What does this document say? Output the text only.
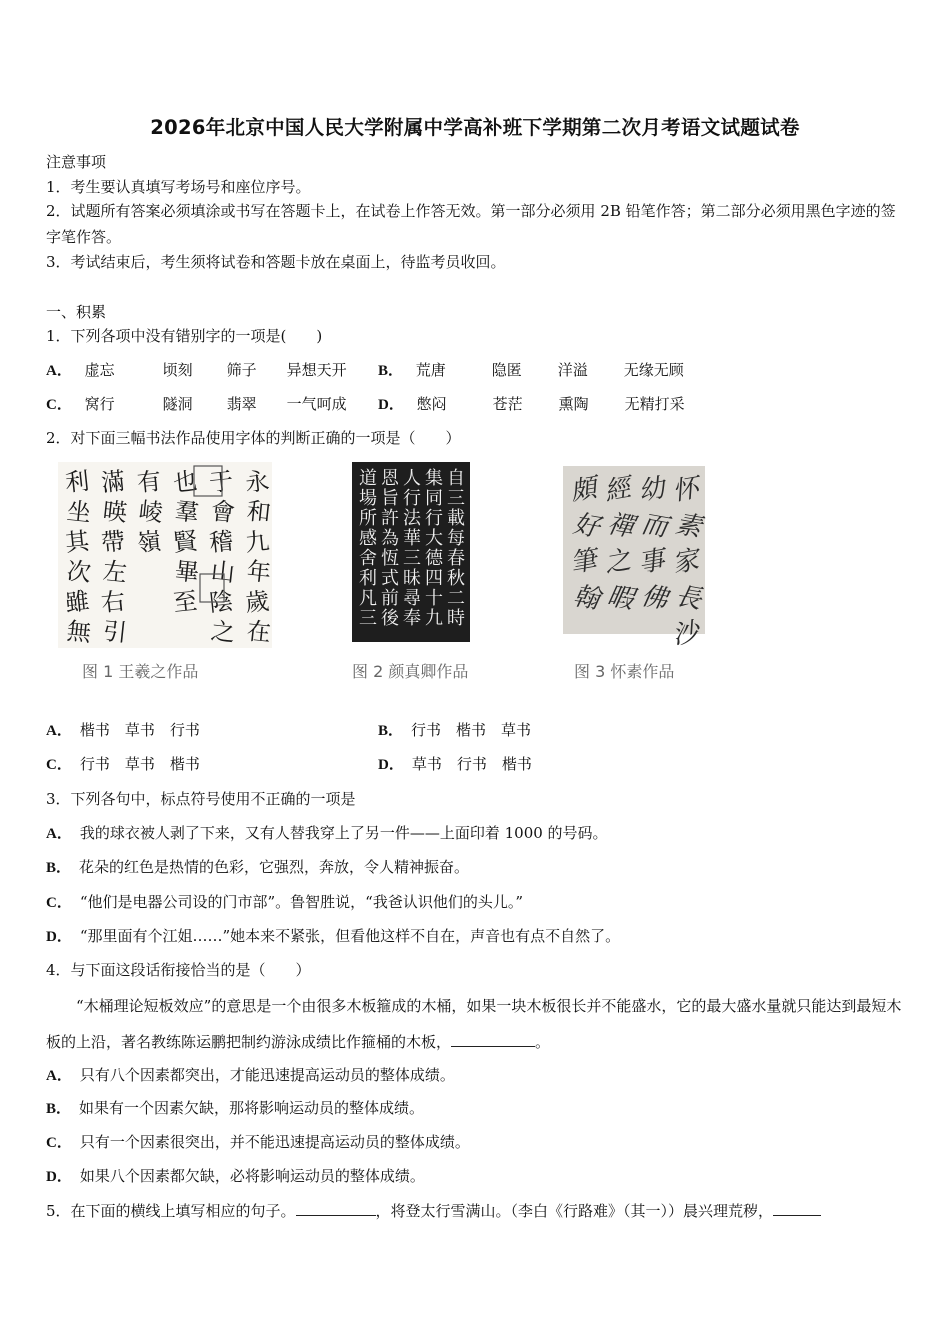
2026年北京中国人民大学附属中学高补班下学期第二次月考语文试题试卷
注意事项
1．考生要认真填写考场号和座位序号。
2．试题所有答案必须填涂或书写在答题卡上，在试卷上作答无效。第一部分必须用 2B 铅笔作答；第二部分必须用黑色字迹的签字笔作答。
3．考试结束后，考生须将试卷和答题卡放在桌面上，待监考员收回。
一、积累
1．下列各项中没有错别字的一项是(　　)
A． 虚忘	顷刻 筛子 异想天开 B． 荒唐	隐匿 洋溢 无缘无顾
C． 窝行	隧洞 翡翠 一气呵成 D． 憋闷	苍茫 熏陶 无精打采
2．对下面三幅书法作品使用字体的判断正确的一项是（　　）
永
和
九
年
歲
在
于
會
稽
山
陰
之
也
羣
賢
畢
至
有
崚
嶺
滿
暎
帶
左
右
引
利
坐
其
次
雖
無
图 1 王羲之作品
自
三
載
每
春
秋
二
時
集
同
行
大
德
四
十
九
人
行
法
華
三
昧
尋
奉
恩
旨
許
為
恆
式
前
後
道
場
所
感
舍
利
凡
三
图 2 颜真卿作品
怀
素
家
長
沙
幼
而
事
佛
經
禪
之
暇
頗
好
筆
翰
图 3 怀素作品
A． 楷书　草书　行书	B． 行书　楷书　草书
C． 行书　草书　楷书	D． 草书　行书　楷书
3．下列各句中，标点符号使用不正确的一项是
A． 我的球衣被人剥了下来，又有人替我穿上了另一件——上面印着 1000 的号码。
B． 花朵的红色是热情的色彩，它强烈，奔放，令人精神振奋。
C． “他们是电器公司设的门市部”。鲁智胜说，“我爸认识他们的头儿。”
D． “那里面有个江姐……”她本来不紧张，但看他这样不自在，声音也有点不自然了。
4．与下面这段话衔接恰当的是（　　）
“木桶理论短板效应”的意思是一个由很多木板箍成的木桶，如果一块木板很长并不能盛水，它的最大盛水量就只能达到最短木板的上沿，著名教练陈运鹏把制约游泳成绩比作箍桶的木板，	。
A． 只有八个因素都突出，才能迅速提高运动员的整体成绩。
B． 如果有一个因素欠缺，那将影响运动员的整体成绩。
C． 只有一个因素很突出，并不能迅速提高运动员的整体成绩。
D． 如果八个因素都欠缺，必将影响运动员的整体成绩。
5．在下面的横线上填写相应的句子。	，将登太行雪满山。（李白《行路难》（其一））晨兴理荒秽，
